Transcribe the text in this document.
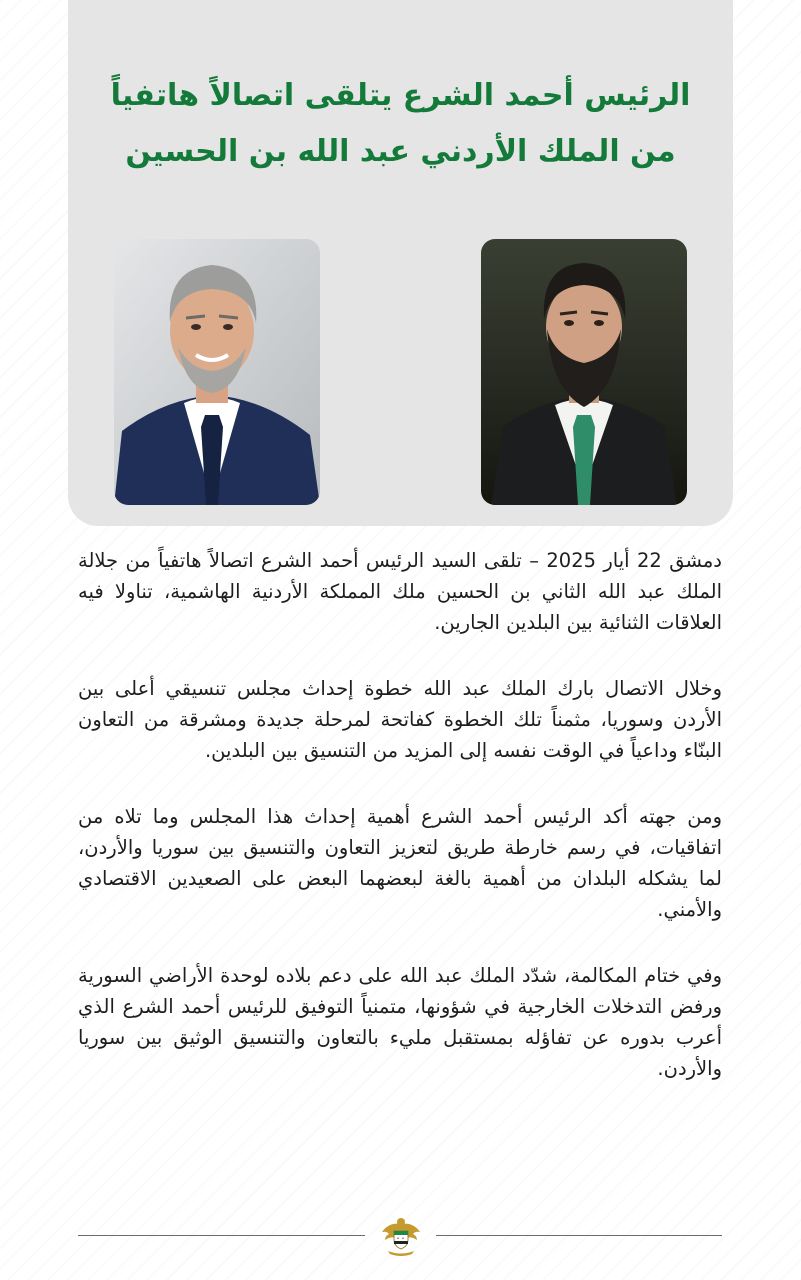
الرئيس أحمد الشرع يتلقى اتصالاً هاتفياً
من الملك الأردني عبد الله بن الحسين

دمشق 22 أيار 2025 – تلقى السيد الرئيس أحمد الشرع اتصالاً هاتفياً من جلالة الملك عبد الله الثاني بن الحسين ملك المملكة الأردنية الهاشمية، تناولا فيه العلاقات الثنائية بين البلدين الجارين.

وخلال الاتصال بارك الملك عبد الله خطوة إحداث مجلس تنسيقي أعلى بين الأردن وسوريا، مثمناً تلك الخطوة كفاتحة لمرحلة جديدة ومشرقة من التعاون البنّاء وداعياً في الوقت نفسه إلى المزيد من التنسيق بين البلدين.

ومن جهته أكد الرئيس أحمد الشرع أهمية إحداث هذا المجلس وما تلاه من اتفاقيات، في رسم خارطة طريق لتعزيز التعاون والتنسيق بين سوريا والأردن، لما يشكله البلدان من أهمية بالغة لبعضهما البعض على الصعيدين الاقتصادي والأمني.

وفي ختام المكالمة، شدّد الملك عبد الله على دعم بلاده لوحدة الأراضي السورية ورفض التدخلات الخارجية في شؤونها، متمنياً التوفيق للرئيس أحمد الشرع الذي أعرب بدوره عن تفاؤله بمستقبل مليء بالتعاون والتنسيق الوثيق بين سوريا والأردن.
